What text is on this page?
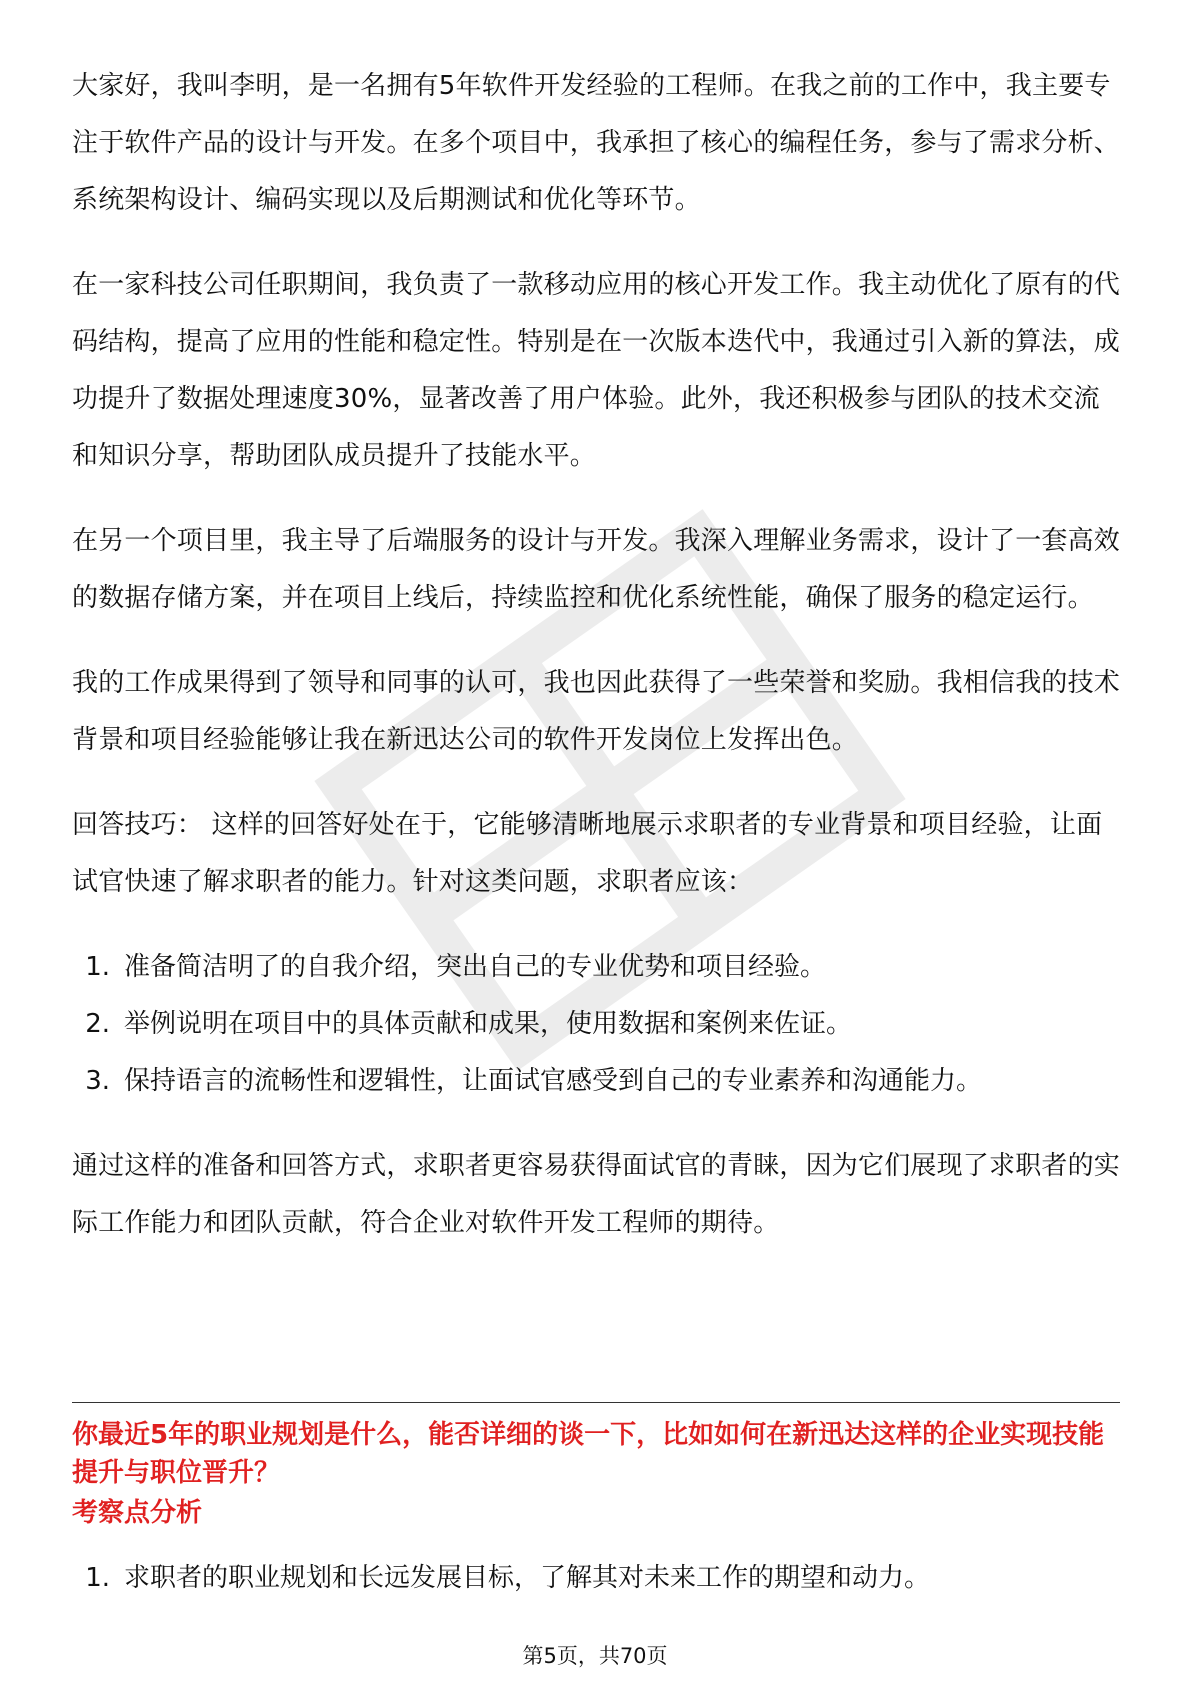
大家好，我叫李明，是一名拥有5年软件开发经验的工程师。在我之前的工作中，我主要专注于软件产品的设计与开发。在多个项目中，我承担了核心的编程任务，参与了需求分析、系统架构设计、编码实现以及后期测试和优化等环节。

在一家科技公司任职期间，我负责了一款移动应用的核心开发工作。我主动优化了原有的代码结构，提高了应用的性能和稳定性。特别是在一次版本迭代中，我通过引入新的算法，成功提升了数据处理速度30%，显著改善了用户体验。此外，我还积极参与团队的技术交流和知识分享，帮助团队成员提升了技能水平。

在另一个项目里，我主导了后端服务的设计与开发。我深入理解业务需求，设计了一套高效的数据存储方案，并在项目上线后，持续监控和优化系统性能，确保了服务的稳定运行。

我的工作成果得到了领导和同事的认可，我也因此获得了一些荣誉和奖励。我相信我的技术背景和项目经验能够让我在新迅达公司的软件开发岗位上发挥出色。

回答技巧： 这样的回答好处在于，它能够清晰地展示求职者的专业背景和项目经验，让面试官快速了解求职者的能力。针对这类问题，求职者应该：

1. 准备简洁明了的自我介绍，突出自己的专业优势和项目经验。
2. 举例说明在项目中的具体贡献和成果，使用数据和案例来佐证。
3. 保持语言的流畅性和逻辑性，让面试官感受到自己的专业素养和沟通能力。

通过这样的准备和回答方式，求职者更容易获得面试官的青睐，因为它们展现了求职者的实际工作能力和团队贡献，符合企业对软件开发工程师的期待。

你最近5年的职业规划是什么，能否详细的谈一下，比如如何在新迅达这样的企业实现技能提升与职位晋升？

考察点分析

1. 求职者的职业规划和长远发展目标，了解其对未来工作的期望和动力。
第5页，共70页
